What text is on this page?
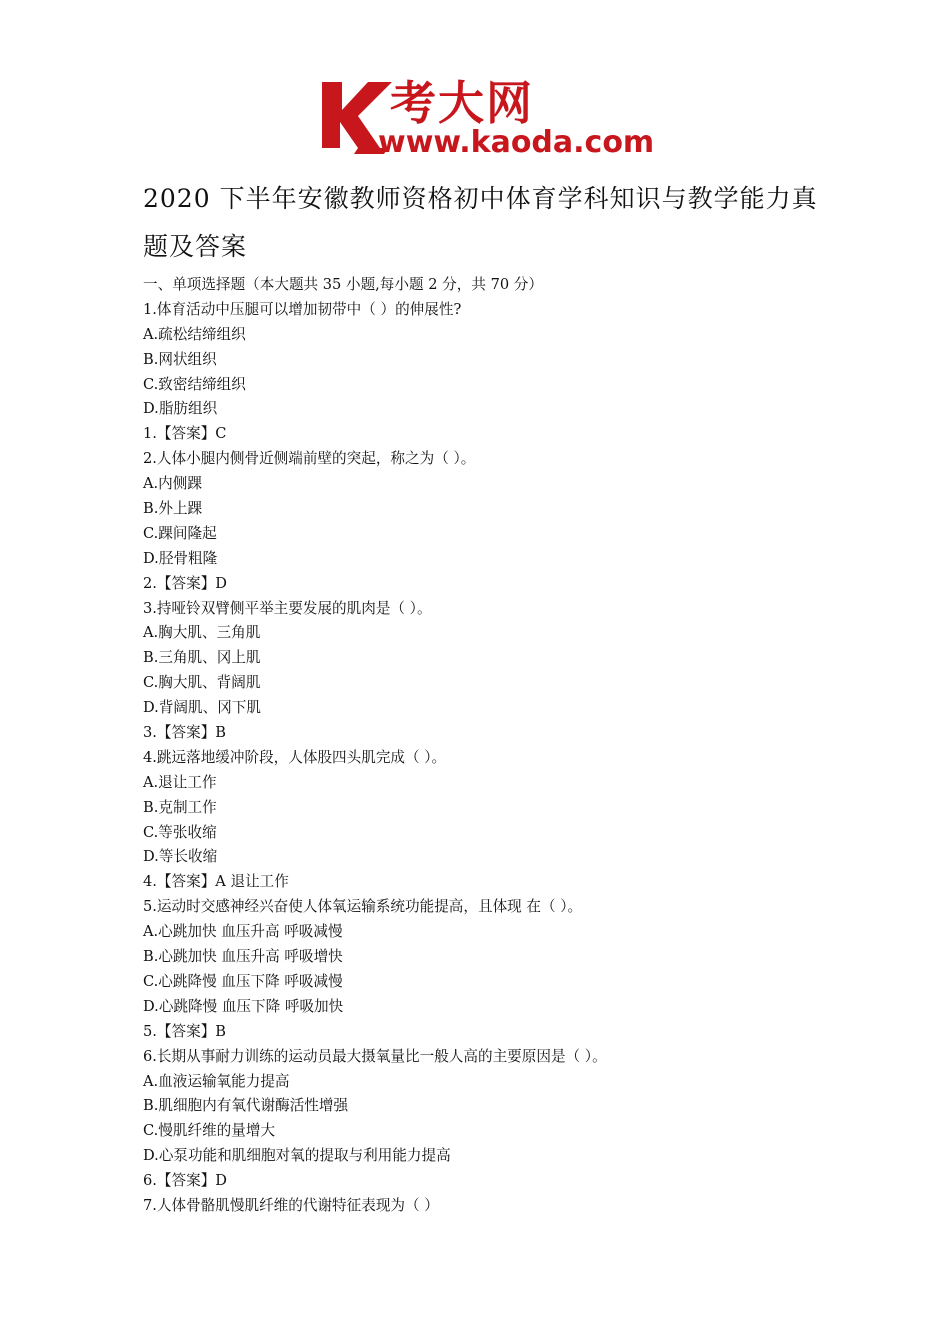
考大网
www.kaoda.com
2020 下半年安徽教师资格初中体育学科知识与教学能力真
题及答案
一、单项选择题（本大题共 35 小题,每小题 2 分，共 70 分）
1.体育活动中压腿可以增加韧带中（ ）的伸展性?
A.疏松结缔组织
B.网状组织
C.致密结缔组织
D.脂肪组织
1.【答案】C
2.人体小腿内侧骨近侧端前壁的突起，称之为（ ）。
A.内侧踝
B.外上踝
C.踝间隆起
D.胫骨粗隆
2.【答案】D
3.持哑铃双臂侧平举主要发展的肌肉是（ ）。
A.胸大肌、三角肌
B.三角肌、冈上肌
C.胸大肌、背阔肌
D.背阔肌、冈下肌
3.【答案】B
4.跳远落地缓冲阶段，人体股四头肌完成（ ）。
A.退让工作
B.克制工作
C.等张收缩
D.等长收缩
4.【答案】A 退让工作
5.运动时交感神经兴奋使人体氧运输系统功能提高，且体现 在（ ）。
A.心跳加快 血压升高 呼吸减慢
B.心跳加快 血压升高 呼吸增快
C.心跳降慢 血压下降 呼吸减慢
D.心跳降慢 血压下降 呼吸加快
5.【答案】B
6.长期从事耐力训练的运动员最大摄氧量比一般人高的主要原因是（ ）。
A.血液运输氧能力提高
B.肌细胞内有氧代谢酶活性增强
C.慢肌纤维的量增大
D.心泵功能和肌细胞对氧的提取与利用能力提高
6.【答案】D
7.人体骨骼肌慢肌纤维的代谢特征表现为（ ）
